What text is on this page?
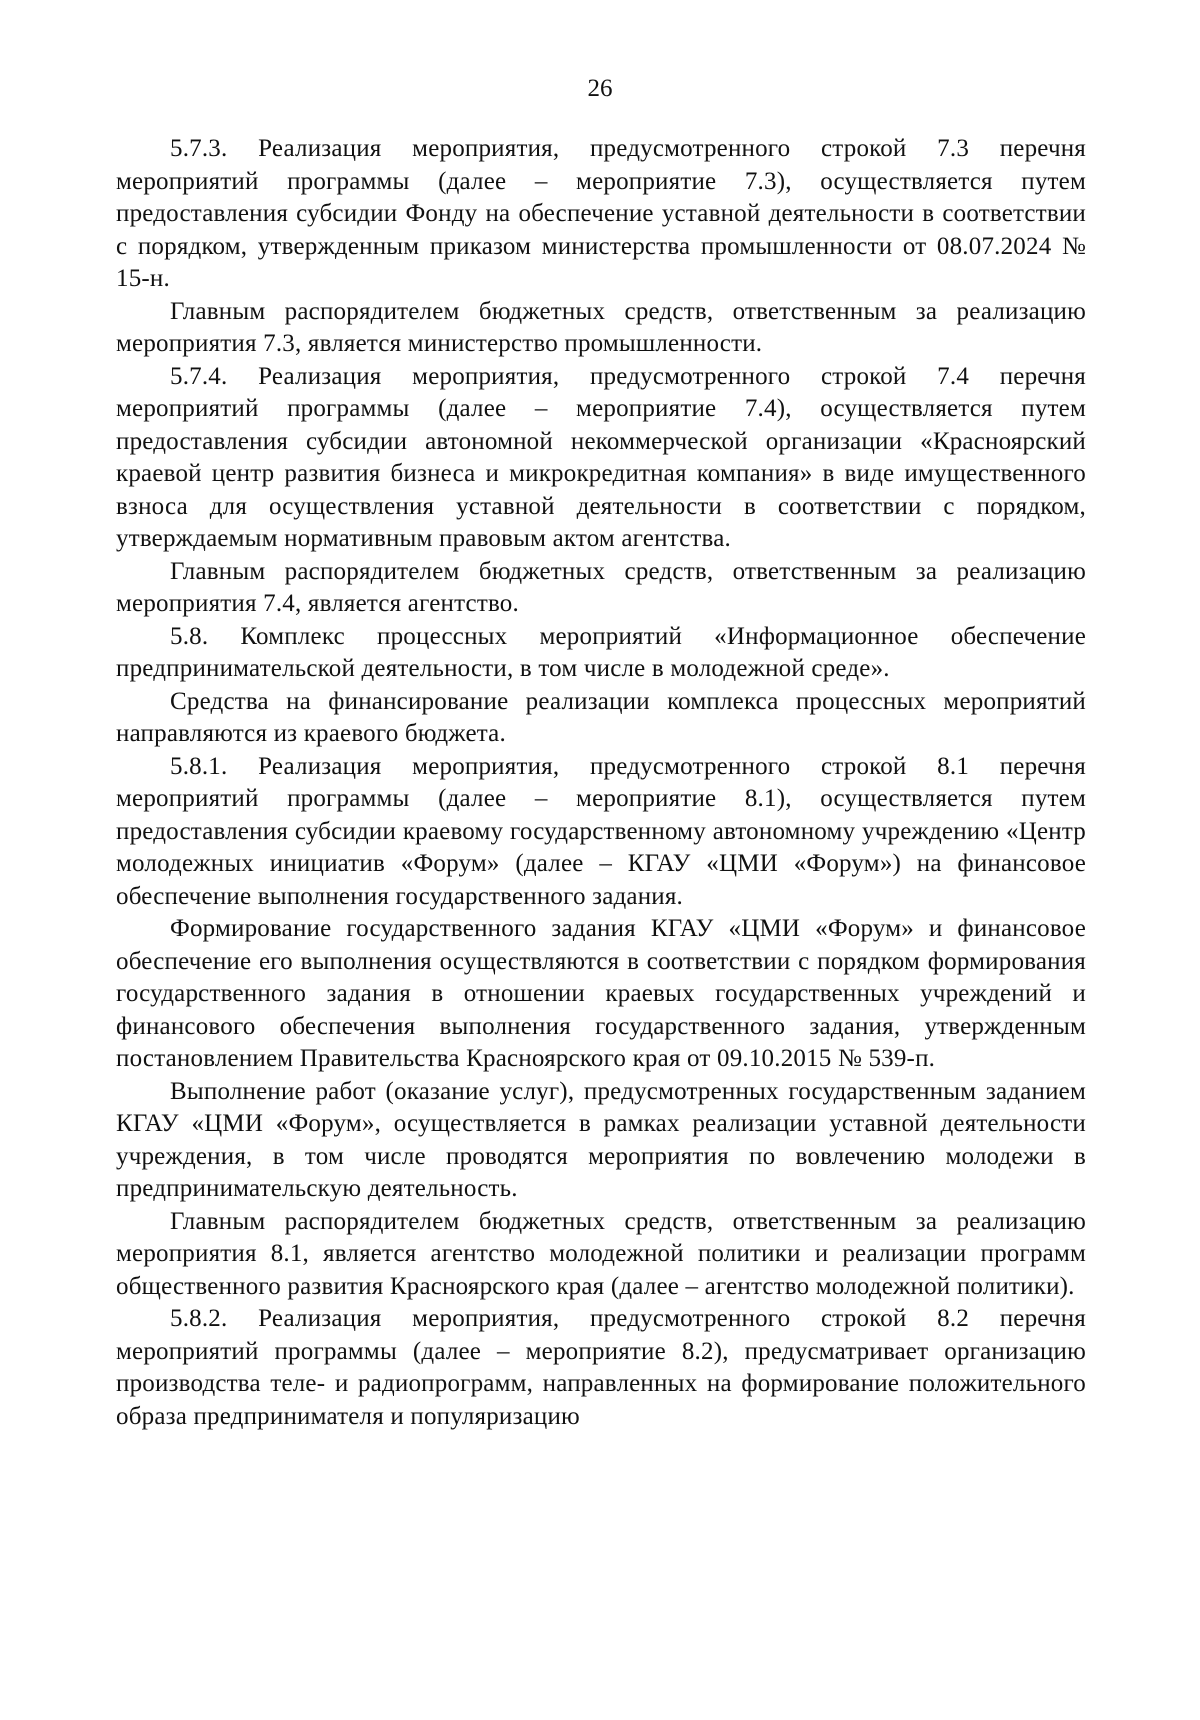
26

5.7.3. Реализация мероприятия, предусмотренного строкой 7.3 перечня мероприятий программы (далее – мероприятие 7.3), осуществляется путем предоставления субсидии Фонду на обеспечение уставной деятельности в соответствии с порядком, утвержденным приказом министерства промышленности от 08.07.2024 № 15-н.

Главным распорядителем бюджетных средств, ответственным за реализацию мероприятия 7.3, является министерство промышленности.

5.7.4. Реализация мероприятия, предусмотренного строкой 7.4 перечня мероприятий программы (далее – мероприятие 7.4), осуществляется путем предоставления субсидии автономной некоммерческой организации «Красноярский краевой центр развития бизнеса и микрокредитная компания» в виде имущественного взноса для осуществления уставной деятельности в соответствии с порядком, утверждаемым нормативным правовым актом агентства.

Главным распорядителем бюджетных средств, ответственным за реализацию мероприятия 7.4, является агентство.

5.8. Комплекс процессных мероприятий «Информационное обеспечение предпринимательской деятельности, в том числе в молодежной среде».

Средства на финансирование реализации комплекса процессных мероприятий направляются из краевого бюджета.

5.8.1. Реализация мероприятия, предусмотренного строкой 8.1 перечня мероприятий программы (далее – мероприятие 8.1), осуществляется путем предоставления субсидии краевому государственному автономному учреждению «Центр молодежных инициатив «Форум» (далее – КГАУ «ЦМИ «Форум») на финансовое обеспечение выполнения государственного задания.

Формирование государственного задания КГАУ «ЦМИ «Форум» и финансовое обеспечение его выполнения осуществляются в соответствии с порядком формирования государственного задания в отношении краевых государственных учреждений и финансового обеспечения выполнения государственного задания, утвержденным постановлением Правительства Красноярского края от 09.10.2015 № 539-п.

Выполнение работ (оказание услуг), предусмотренных государственным заданием КГАУ «ЦМИ «Форум», осуществляется в рамках реализации уставной деятельности учреждения, в том числе проводятся мероприятия по вовлечению молодежи в предпринимательскую деятельность.

Главным распорядителем бюджетных средств, ответственным за реализацию мероприятия 8.1, является агентство молодежной политики и реализации программ общественного развития Красноярского края (далее – агентство молодежной политики).

5.8.2. Реализация мероприятия, предусмотренного строкой 8.2 перечня мероприятий программы (далее – мероприятие 8.2), предусматривает организацию производства теле- и радиопрограмм, направленных на формирование положительного образа предпринимателя и популяризацию
